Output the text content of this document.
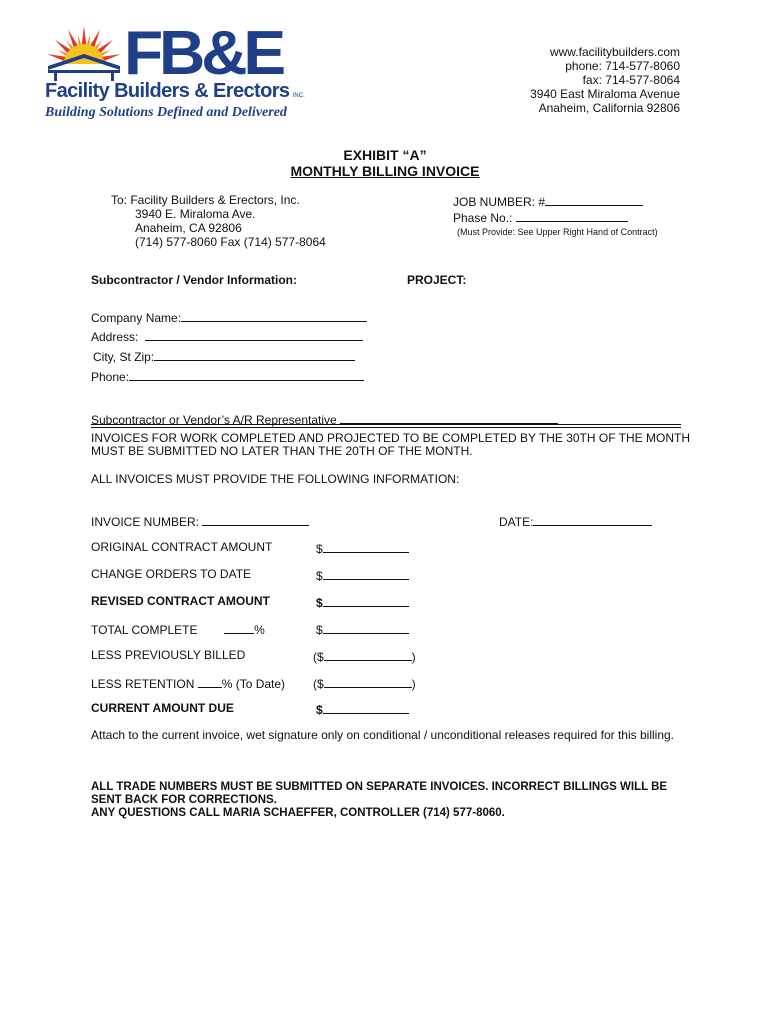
FB&E
Facility Builders & Erectors INC.
Building Solutions Defined and Delivered
www.facilitybuilders.com
phone: 714-577-8060
fax: 714-577-8064
3940 East Miraloma Avenue
Anaheim, California 92806
EXHIBIT “A”
MONTHLY BILLING INVOICE
To: Facility Builders & Erectors, Inc.
3940 E. Miraloma Ave.
Anaheim, CA 92806
(714) 577-8060 Fax (714) 577-8064
JOB NUMBER: #
Phase No.:
(Must Provide: See Upper Right Hand of Contract)
Subcontractor / Vendor Information:	PROJECT:
Company Name:
Address:
City, St Zip:
Phone:
Subcontractor or Vendor’s A/R Representative
INVOICES FOR WORK COMPLETED AND PROJECTED TO BE COMPLETED BY THE 30TH OF THE MONTH MUST BE SUBMITTED NO LATER THAN THE 20TH OF THE MONTH.
ALL INVOICES MUST PROVIDE THE FOLLOWING INFORMATION:
INVOICE NUMBER:	DATE:
ORIGINAL CONTRACT AMOUNT	$
CHANGE ORDERS TO DATE	$
REVISED CONTRACT AMOUNT	$
TOTAL COMPLETE	%	$
LESS PREVIOUSLY BILLED	($	)
LESS RETENTION % (To Date) ($	)
CURRENT AMOUNT DUE	$
Attach to the current invoice, wet signature only on conditional / unconditional releases required for this billing.
ALL TRADE NUMBERS MUST BE SUBMITTED ON SEPARATE INVOICES. INCORRECT BILLINGS WILL BE SENT BACK FOR CORRECTIONS.
ANY QUESTIONS CALL MARIA SCHAEFFER, CONTROLLER (714) 577-8060.
